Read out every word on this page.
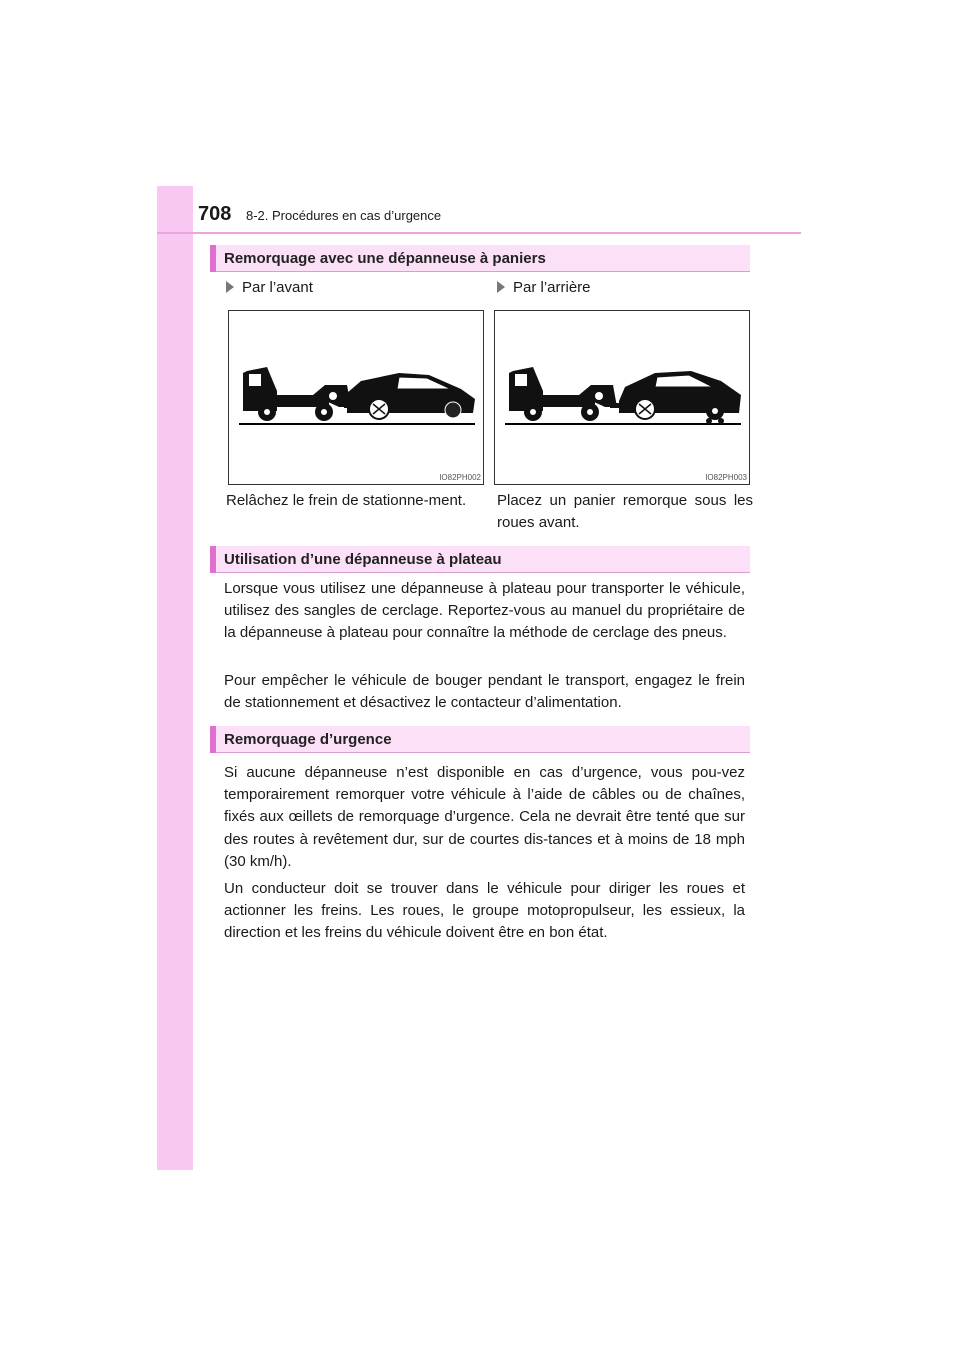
708 8-2. Procédures en cas d’urgence
Remorquage avec une dépanneuse à paniers
Par l’avant	Par l’arrière
IO82PH002	IO82PH003
Relâchez le frein de stationne-ment.	Placez un panier remorque sous les roues avant.
Utilisation d’une dépanneuse à plateau
Lorsque vous utilisez une dépanneuse à plateau pour transporter le véhicule, utilisez des sangles de cerclage. Reportez-vous au manuel du propriétaire de la dépanneuse à plateau pour connaître la méthode de cerclage des pneus.
Pour empêcher le véhicule de bouger pendant le transport, engagez le frein de stationnement et désactivez le contacteur d’alimentation.
Remorquage d’urgence
Si aucune dépanneuse n’est disponible en cas d’urgence, vous pou-vez temporairement remorquer votre véhicule à l’aide de câbles ou de chaînes, fixés aux œillets de remorquage d’urgence. Cela ne devrait être tenté que sur des routes à revêtement dur, sur de courtes dis-tances et à moins de 18 mph (30 km/h).
Un conducteur doit se trouver dans le véhicule pour diriger les roues et actionner les freins. Les roues, le groupe motopropulseur, les essieux, la direction et les freins du véhicule doivent être en bon état.
